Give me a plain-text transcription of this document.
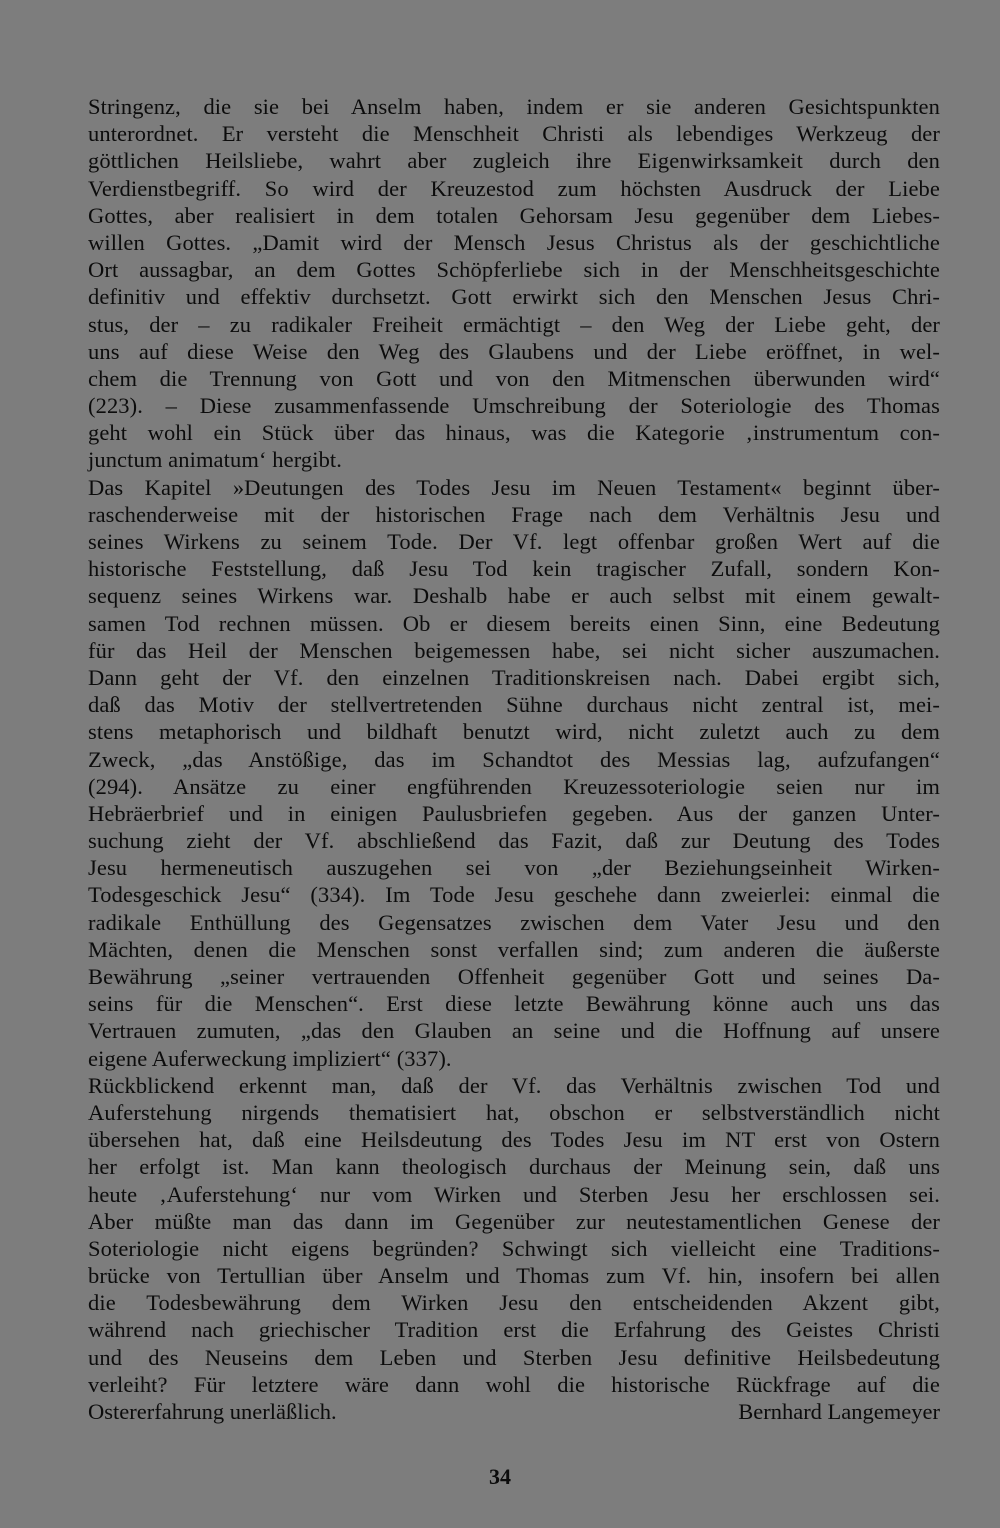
Stringenz, die sie bei Anselm haben, indem er sie anderen Gesichtspunkten
unterordnet. Er versteht die Menschheit Christi als lebendiges Werkzeug der
göttlichen Heilsliebe, wahrt aber zugleich ihre Eigenwirksamkeit durch den
Verdienstbegriff. So wird der Kreuzestod zum höchsten Ausdruck der Liebe
Gottes, aber realisiert in dem totalen Gehorsam Jesu gegenüber dem Liebes-
willen Gottes. „Damit wird der Mensch Jesus Christus als der geschichtliche
Ort aussagbar, an dem Gottes Schöpferliebe sich in der Menschheitsgeschichte
definitiv und effektiv durchsetzt. Gott erwirkt sich den Menschen Jesus Chri-
stus, der – zu radikaler Freiheit ermächtigt – den Weg der Liebe geht, der
uns auf diese Weise den Weg des Glaubens und der Liebe eröffnet, in wel-
chem die Trennung von Gott und von den Mitmenschen überwunden wird“
(223). – Diese zusammenfassende Umschreibung der Soteriologie des Thomas
geht wohl ein Stück über das hinaus, was die Kategorie ‚instrumentum con-
junctum animatum‘ hergibt.
Das Kapitel »Deutungen des Todes Jesu im Neuen Testament« beginnt über-
raschenderweise mit der historischen Frage nach dem Verhältnis Jesu und
seines Wirkens zu seinem Tode. Der Vf. legt offenbar großen Wert auf die
historische Feststellung, daß Jesu Tod kein tragischer Zufall, sondern Kon-
sequenz seines Wirkens war. Deshalb habe er auch selbst mit einem gewalt-
samen Tod rechnen müssen. Ob er diesem bereits einen Sinn, eine Bedeutung
für das Heil der Menschen beigemessen habe, sei nicht sicher auszumachen.
Dann geht der Vf. den einzelnen Traditionskreisen nach. Dabei ergibt sich,
daß das Motiv der stellvertretenden Sühne durchaus nicht zentral ist, mei-
stens metaphorisch und bildhaft benutzt wird, nicht zuletzt auch zu dem
Zweck, „das Anstößige, das im Schandtot des Messias lag, aufzufangen“
(294). Ansätze zu einer engführenden Kreuzessoteriologie seien nur im
Hebräerbrief und in einigen Paulusbriefen gegeben. Aus der ganzen Unter-
suchung zieht der Vf. abschließend das Fazit, daß zur Deutung des Todes
Jesu hermeneutisch auszugehen sei von „der Beziehungseinheit Wirken-
Todesgeschick Jesu“ (334). Im Tode Jesu geschehe dann zweierlei: einmal die
radikale Enthüllung des Gegensatzes zwischen dem Vater Jesu und den
Mächten, denen die Menschen sonst verfallen sind; zum anderen die äußerste
Bewährung „seiner vertrauenden Offenheit gegenüber Gott und seines Da-
seins für die Menschen“. Erst diese letzte Bewährung könne auch uns das
Vertrauen zumuten, „das den Glauben an seine und die Hoffnung auf unsere
eigene Auferweckung impliziert“ (337).
Rückblickend erkennt man, daß der Vf. das Verhältnis zwischen Tod und
Auferstehung nirgends thematisiert hat, obschon er selbstverständlich nicht
übersehen hat, daß eine Heilsdeutung des Todes Jesu im NT erst von Ostern
her erfolgt ist. Man kann theologisch durchaus der Meinung sein, daß uns
heute ‚Auferstehung‘ nur vom Wirken und Sterben Jesu her erschlossen sei.
Aber müßte man das dann im Gegenüber zur neutestamentlichen Genese der
Soteriologie nicht eigens begründen? Schwingt sich vielleicht eine Traditions-
brücke von Tertullian über Anselm und Thomas zum Vf. hin, insofern bei allen
die Todesbewährung dem Wirken Jesu den entscheidenden Akzent gibt,
während nach griechischer Tradition erst die Erfahrung des Geistes Christi
und des Neuseins dem Leben und Sterben Jesu definitive Heilsbedeutung
verleiht? Für letztere wäre dann wohl die historische Rückfrage auf die
Ostererfahrung unerläßlich.	Bernhard Langemeyer
34
